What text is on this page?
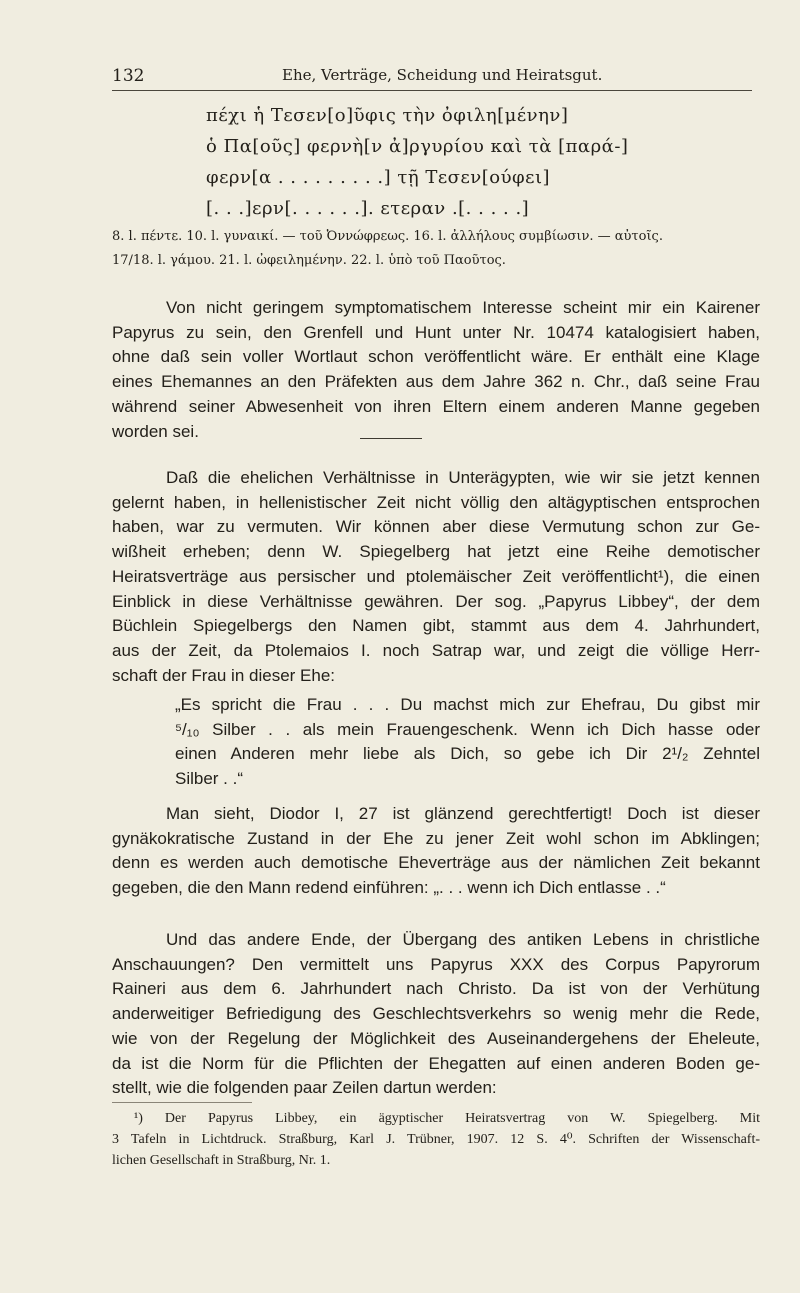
132	Ehe, Verträge, Scheidung und Heiratsgut.
πέχι ἡ Τεσεν[ο]ῦφις τὴν ὀφιλη[μένην]
ὁ Πα[οῦς] φερνὴ[ν ἀ]ργυρίου καὶ τὰ [παρά-]
φερν[α . . . . . . . . .] τῇ Τεσεν[ούφει]
[. . .]ερν[. . . . . .]. ετεραν .[. . . . .]
8. l. πέντε. 10. l. γυναικί. — τοῦ Ὀννώφρεως. 16. l. ἀλλήλους συμβίωσιν. — αὐτοῖς.
17/18. l. γάμου. 21. l. ὠφειλημένην. 22. l. ὑπὸ τοῦ Παοῦτος.
Von nicht geringem symptomatischem Interesse scheint mir ein Kairener
Papyrus zu sein, den Grenfell und Hunt unter Nr. 10474 katalogisiert haben,
ohne daß sein voller Wortlaut schon veröffentlicht wäre. Er enthält eine Klage
eines Ehemannes an den Präfekten aus dem Jahre 362 n. Chr., daß seine Frau
während seiner Abwesenheit von ihren Eltern einem anderen Manne gegeben
worden sei.
Daß die ehelichen Verhältnisse in Unterägypten, wie wir sie jetzt kennen
gelernt haben, in hellenistischer Zeit nicht völlig den altägyptischen entsprochen
haben, war zu vermuten. Wir können aber diese Vermutung schon zur Ge-
wißheit erheben; denn W. Spiegelberg hat jetzt eine Reihe demotischer
Heiratsverträge aus persischer und ptolemäischer Zeit veröffentlicht¹), die einen
Einblick in diese Verhältnisse gewähren. Der sog. „Papyrus Libbey“, der dem
Büchlein Spiegelbergs den Namen gibt, stammt aus dem 4. Jahrhundert,
aus der Zeit, da Ptolemaios I. noch Satrap war, und zeigt die völlige Herr-
schaft der Frau in dieser Ehe:
„Es spricht die Frau . . . Du machst mich zur Ehefrau, Du gibst mir
⁵/₁₀ Silber . . als mein Frauengeschenk. Wenn ich Dich hasse oder
einen Anderen mehr liebe als Dich, so gebe ich Dir 2¹/₂ Zehntel
Silber . .“
Man sieht, Diodor I, 27 ist glänzend gerechtfertigt! Doch ist dieser
gynäkokratische Zustand in der Ehe zu jener Zeit wohl schon im Abklingen;
denn es werden auch demotische Eheverträge aus der nämlichen Zeit bekannt
gegeben, die den Mann redend einführen: „. . . wenn ich Dich entlasse . .“
Und das andere Ende, der Übergang des antiken Lebens in christliche
Anschauungen? Den vermittelt uns Papyrus XXX des Corpus Papyrorum
Raineri aus dem 6. Jahrhundert nach Christo. Da ist von der Verhütung
anderweitiger Befriedigung des Geschlechtsverkehrs so wenig mehr die Rede,
wie von der Regelung der Möglichkeit des Auseinandergehens der Eheleute,
da ist die Norm für die Pflichten der Ehegatten auf einen anderen Boden ge-
stellt, wie die folgenden paar Zeilen dartun werden:
¹) Der Papyrus Libbey, ein ägyptischer Heiratsvertrag von W. Spiegelberg. Mit
3 Tafeln in Lichtdruck. Straßburg, Karl J. Trübner, 1907. 12 S. 4⁰. Schriften der Wissenschaft-
lichen Gesellschaft in Straßburg, Nr. 1.
